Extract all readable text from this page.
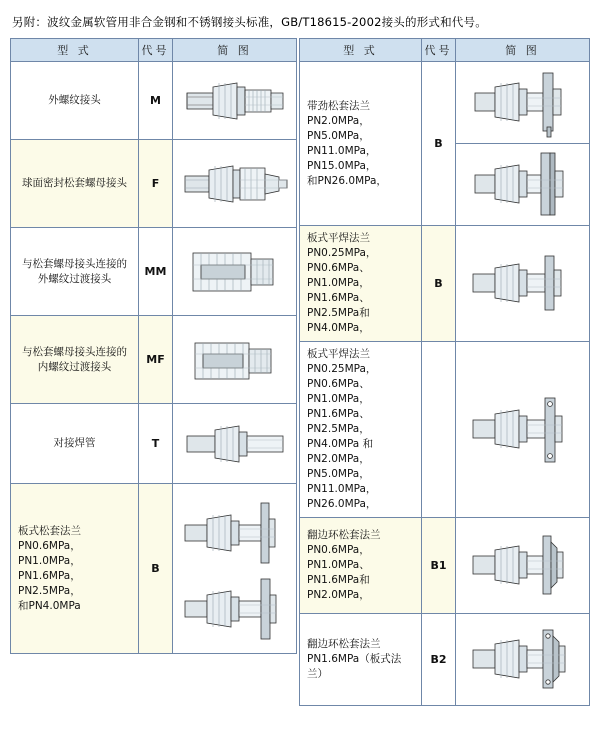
另附：波纹金属软管用非合金钢和不锈钢接头标准，GB/T18615-2002接头的形式和代号。
型 式	代号	简 图
外螺纹接头	M	

球面密封松套螺母接头	F	

与松套螺母接头连接的外螺纹过渡接头	MM	

与松套螺母接头连接的内螺纹过渡接头	MF	

对接焊管	T	

板式松套法兰
PN0.6MPa，PN1.0MPa，
PN1.6MPa，PN2.5MPa，
和PN4.0MPa	B	
型 式	代号	简 图
带劲松套法兰
PN2.0MPa，PN5.0MPa，
PN11.0MPa，PN15.0MPa，
和PN26.0MPa，	B	

板式平焊法兰
PN0.25MPa，PN0.6MPa、
PN1.0MPa，PN1.6MPa、
PN2.5MPa和PN4.0MPa，	B	

板式平焊法兰
PN0.25MPa，PN0.6MPa、
PN1.0MPa，PN1.6MPa、
PN2.5MPa，PN4.0MPa 和
PN2.0MPa，PN5.0MPa，
PN11.0MPa，PN26.0MPa，		

翻边环松套法兰
PN0.6MPa，PN1.0MPa、
PN1.6MPa和PN2.0MPa，	B1	

翻边环松套法兰
PN1.6MPa（板式法兰）	B2	
